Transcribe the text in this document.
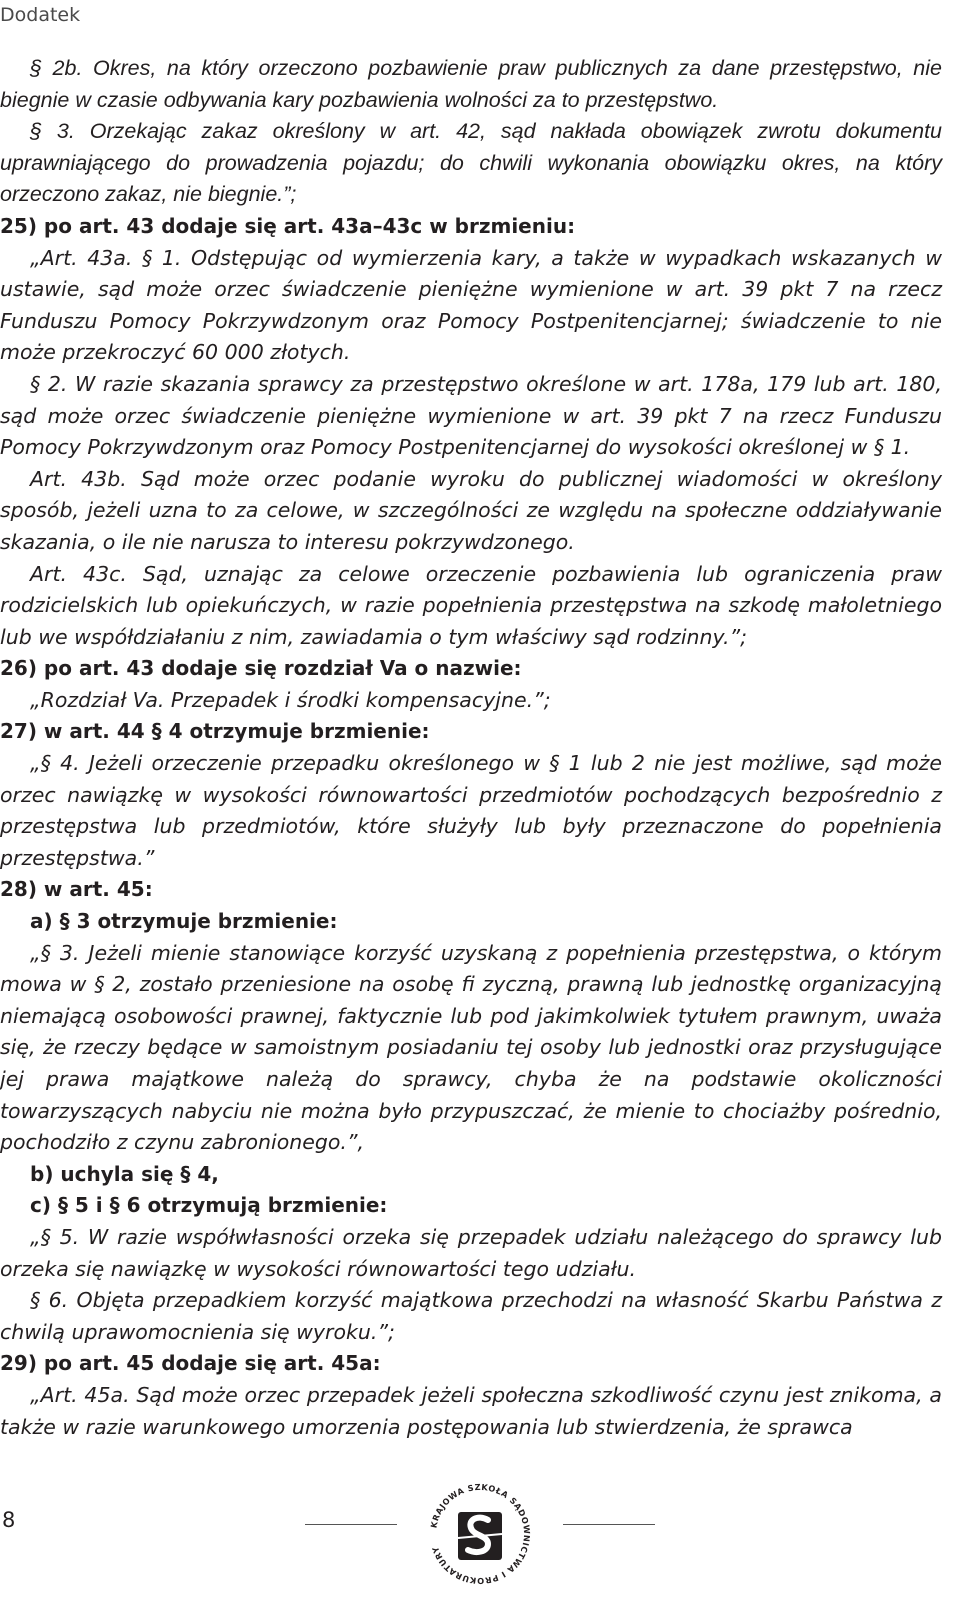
Dodatek

§ 2b. Okres, na który orzeczono pozbawienie praw publicznych za dane przestępstwo, nie biegnie w czasie odbywania kary pozbawienia wolności za to przestępstwo.

§ 3. Orzekając zakaz określony w art. 42, sąd nakłada obowiązek zwrotu dokumentu uprawniającego do prowadzenia pojazdu; do chwili wykonania obowiązku okres, na który orzeczono zakaz, nie biegnie.”;

25) po art. 43 dodaje się art. 43a–43c w brzmieniu:

„Art. 43a. § 1. Odstępując od wymierzenia kary, a także w wypadkach wskazanych w ustawie, sąd może orzec świadczenie pieniężne wymienione w art. 39 pkt 7 na rzecz Funduszu Pomocy Pokrzywdzonym oraz Pomocy Postpenitencjarnej; świadczenie to nie może przekroczyć 60 000 złotych.

§ 2. W razie skazania sprawcy za przestępstwo określone w art. 178a, 179 lub art. 180, sąd może orzec świadczenie pieniężne wymienione w art. 39 pkt 7 na rzecz Funduszu Pomocy Pokrzywdzonym oraz Pomocy Postpenitencjarnej do wysokości określonej w § 1.

Art. 43b. Sąd może orzec podanie wyroku do publicznej wiadomości w określony sposób, jeżeli uzna to za celowe, w szczególności ze względu na społeczne oddziaływanie skazania, o ile nie narusza to interesu pokrzywdzonego.

Art. 43c. Sąd, uznając za celowe orzeczenie pozbawienia lub ograniczenia praw rodzicielskich lub opiekuńczych, w razie popełnienia przestępstwa na szkodę małoletniego lub we współdziałaniu z nim, zawiadamia o tym właściwy sąd rodzinny.”;

26) po art. 43 dodaje się rozdział Va o nazwie:

„Rozdział Va. Przepadek i środki kompensacyjne.”;

27) w art. 44 § 4 otrzymuje brzmienie:

„§ 4. Jeżeli orzeczenie przepadku określonego w § 1 lub 2 nie jest możliwe, sąd może orzec nawiązkę w wysokości równowartości przedmiotów pochodzących bezpośrednio z przestępstwa lub przedmiotów, które służyły lub były przeznaczone do popełnienia przestępstwa.”

28) w art. 45:

a) § 3 otrzymuje brzmienie:

„§ 3. Jeżeli mienie stanowiące korzyść uzyskaną z popełnienia przestępstwa, o którym mowa w § 2, zostało przeniesione na osobę fi zyczną, prawną lub jednostkę organizacyjną niemającą osobowości prawnej, faktycznie lub pod jakimkolwiek tytułem prawnym, uważa się, że rzeczy będące w samoistnym posiadaniu tej osoby lub jednostki oraz przysługujące jej prawa majątkowe należą do sprawcy, chyba że na podstawie okoliczności towarzyszących nabyciu nie można było przypuszczać, że mienie to chociażby pośrednio, pochodziło z czynu zabronionego.”,

b) uchyla się § 4,

c) § 5 i § 6 otrzymują brzmienie:

„§ 5. W razie współwłasności orzeka się przepadek udziału należącego do sprawcy lub orzeka się nawiązkę w wysokości równowartości tego udziału.

§ 6. Objęta przepadkiem korzyść majątkowa przechodzi na własność Skarbu Państwa z chwilą uprawomocnienia się wyroku.”;

29) po art. 45 dodaje się art. 45a:

„Art. 45a. Sąd może orzec przepadek jeżeli społeczna szkodliwość czynu jest znikoma, a także w razie warunkowego umorzenia postępowania lub stwierdzenia, że sprawca

8	KRAJOWA SZKOŁA SĄDOWNICTWA I PROKURATURY
